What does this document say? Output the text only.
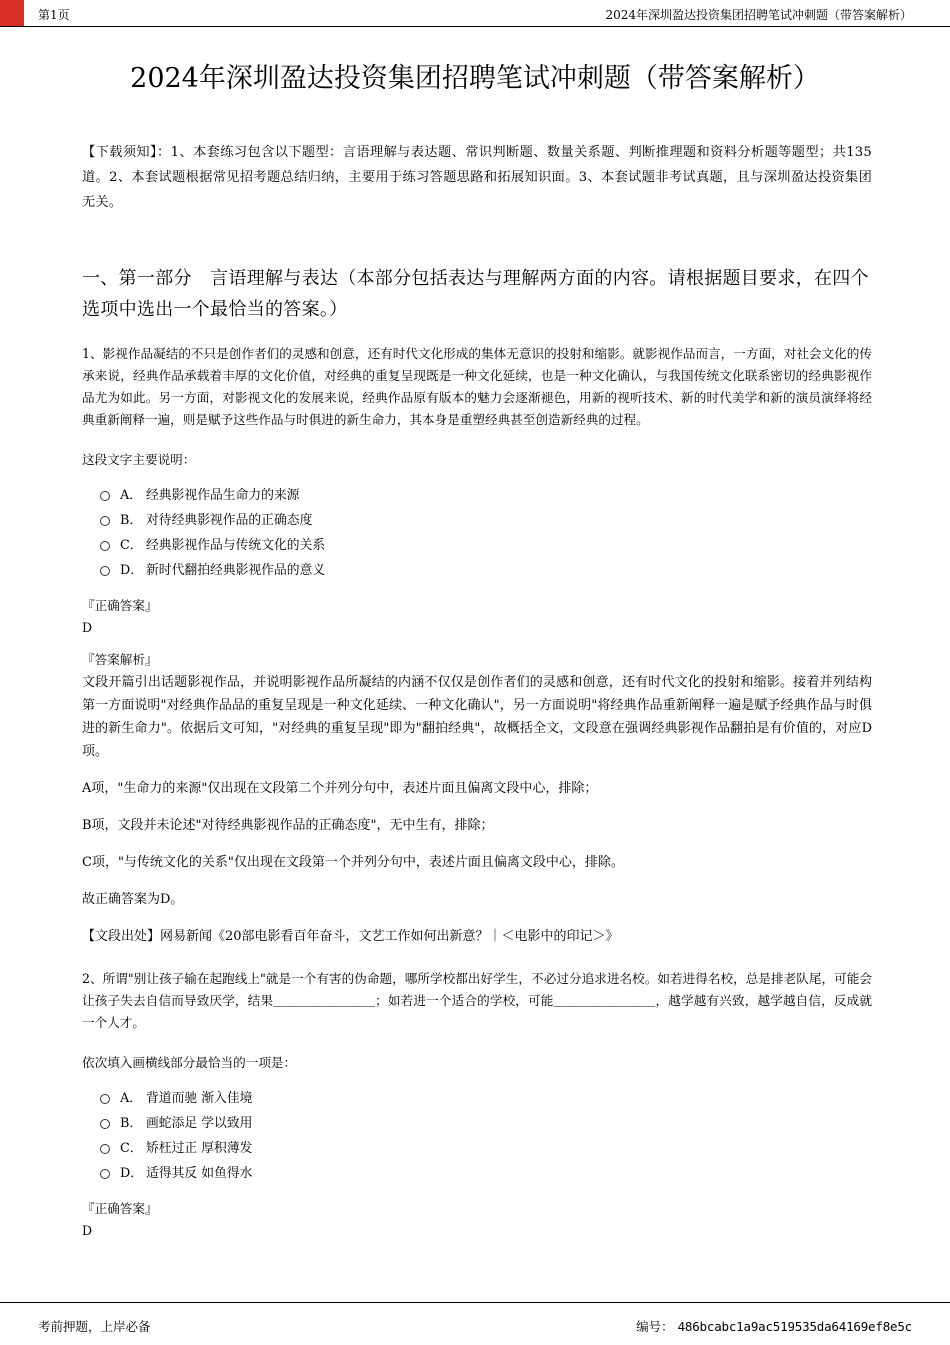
第1页	2024年深圳盈达投资集团招聘笔试冲刺题（带答案解析）
2024年深圳盈达投资集团招聘笔试冲刺题（带答案解析）
【下载须知】：1、本套练习包含以下题型：言语理解与表达题、常识判断题、数量关系题、判断推理题和资料分析题等题型；共135道。2、本套试题根据常见招考题总结归纳，主要用于练习答题思路和拓展知识面。3、本套试题非考试真题，且与深圳盈达投资集团无关。
一、第一部分　言语理解与表达（本部分包括表达与理解两方面的内容。请根据题目要求，在四个选项中选出一个最恰当的答案。）
1、影视作品凝结的不只是创作者们的灵感和创意，还有时代文化形成的集体无意识的投射和缩影。就影视作品而言，一方面，对社会文化的传承来说，经典作品承载着丰厚的文化价值，对经典的重复呈现既是一种文化延续，也是一种文化确认，与我国传统文化联系密切的经典影视作品尤为如此。另一方面，对影视文化的发展来说，经典作品原有版本的魅力会逐渐褪色，用新的视听技术、新的时代美学和新的演员演绎将经典重新阐释一遍，则是赋予这些作品与时俱进的新生命力，其本身是重塑经典甚至创造新经典的过程。
这段文字主要说明：
A． 经典影视作品生命力的来源
B． 对待经典影视作品的正确态度
C． 经典影视作品与传统文化的关系
D． 新时代翻拍经典影视作品的意义
『正确答案』
D
『答案解析』
文段开篇引出话题影视作品，并说明影视作品所凝结的内涵不仅仅是创作者们的灵感和创意，还有时代文化的投射和缩影。接着并列结构第一方面说明"对经典作品品的重复呈现是一种文化延续、一种文化确认"，另一方面说明"将经典作品重新阐释一遍是赋予经典作品与时俱进的新生命力"。依据后文可知，"对经典的重复呈现"即为"翻拍经典"，故概括全文，文段意在强调经典影视作品翻拍是有价值的，对应D项。
A项，"生命力的来源"仅出现在文段第二个并列分句中，表述片面且偏离文段中心，排除；
B项，文段并未论述"对待经典影视作品的正确态度"，无中生有，排除；
C项，"与传统文化的关系"仅出现在文段第一个并列分句中，表述片面且偏离文段中心，排除。
故正确答案为D。
【文段出处】网易新闻《20部电影看百年奋斗，文艺工作如何出新意？｜＜电影中的印记＞》
2、所谓"别让孩子输在起跑线上"就是一个有害的伪命题，哪所学校都出好学生，不必过分追求进名校。如若进得名校，总是排老队尾，可能会让孩子失去自信而导致厌学，结果＿＿＿＿＿＿＿＿；如若进一个适合的学校，可能＿＿＿＿＿＿＿＿，越学越有兴致，越学越自信，反成就一个人才。
依次填入画横线部分最恰当的一项是：
A． 背道而驰 渐入佳境
B． 画蛇添足 学以致用
C． 矫枉过正 厚积薄发
D． 适得其反 如鱼得水
『正确答案』
D
考前押题，上岸必备	编号： 486bcabc1a9ac519535da64169ef8e5c
